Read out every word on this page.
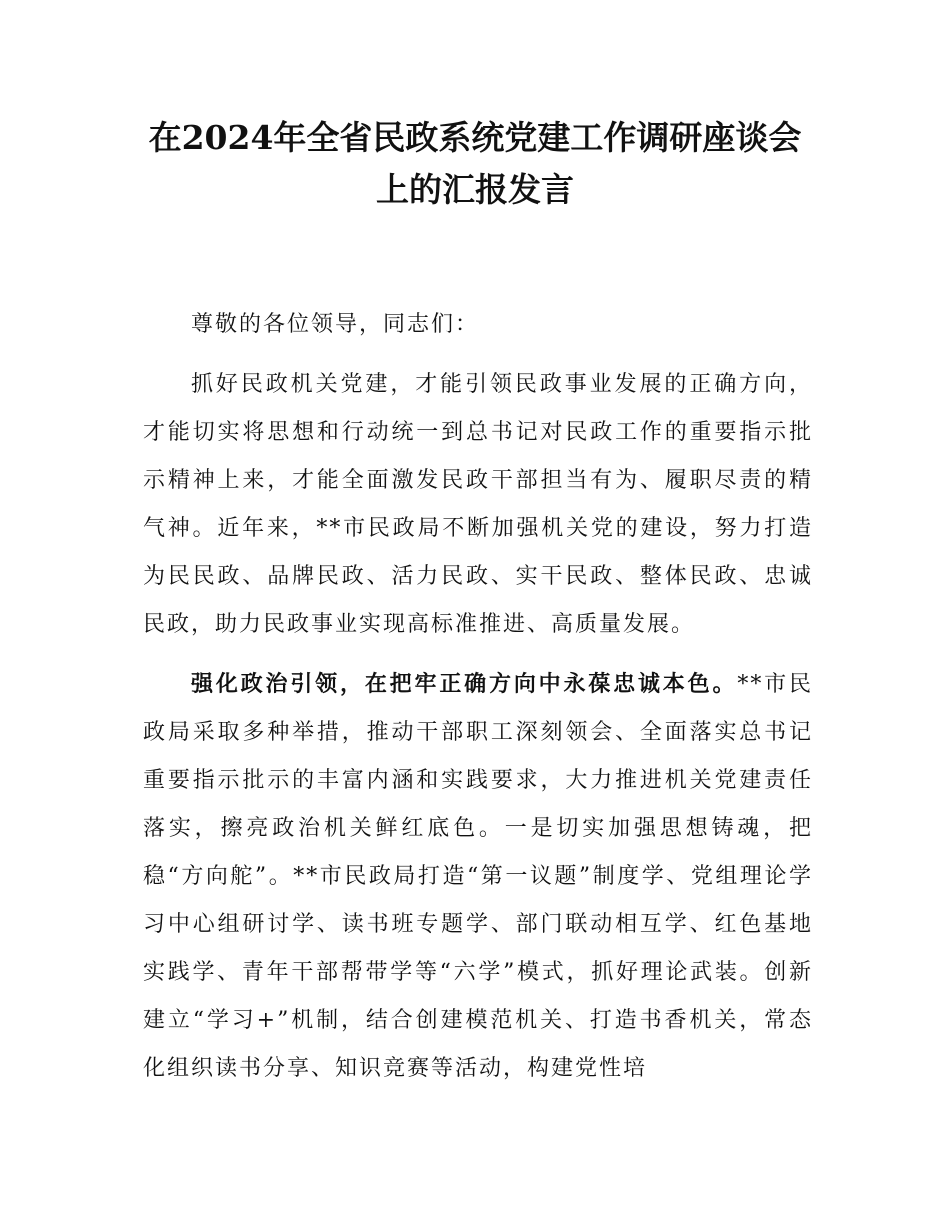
在2024年全省民政系统党建工作调研座谈会上的汇报发言

尊敬的各位领导，同志们：

抓好民政机关党建，才能引领民政事业发展的正确方向，才能切实将思想和行动统一到总书记对民政工作的重要指示批示精神上来，才能全面激发民政干部担当有为、履职尽责的精气神。近年来，**市民政局不断加强机关党的建设，努力打造为民民政、品牌民政、活力民政、实干民政、整体民政、忠诚民政，助力民政事业实现高标准推进、高质量发展。

强化政治引领，在把牢正确方向中永葆忠诚本色。**市民政局采取多种举措，推动干部职工深刻领会、全面落实总书记重要指示批示的丰富内涵和实践要求，大力推进机关党建责任落实，擦亮政治机关鲜红底色。一是切实加强思想铸魂，把稳“方向舵”。**市民政局打造“第一议题”制度学、党组理论学习中心组研讨学、读书班专题学、部门联动相互学、红色基地实践学、青年干部帮带学等“六学”模式，抓好理论武装。创新建立“学习+”机制，结合创建模范机关、打造书香机关，常态化组织读书分享、知识竞赛等活动，构建党性培
